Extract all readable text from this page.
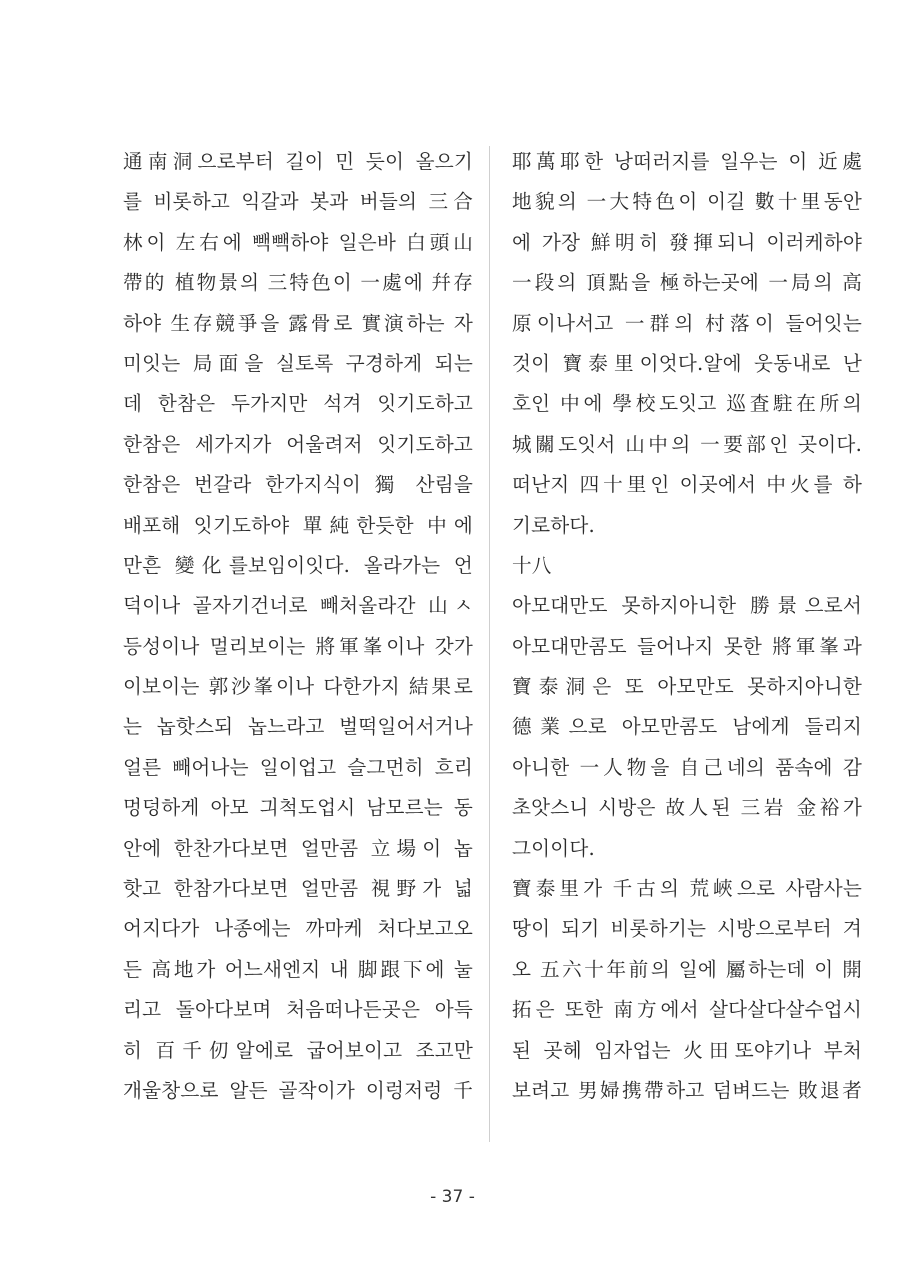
通南洞으로부터 길이 민 듯이 올으기
를 비롯하고 익갈과 봇과 버들의 三合
林이 左右에 빽빽하야 일은바 白頭山
帶的 植物景의 三特色이 一處에 幷存
하야 生存競爭을 露骨로 實演하는 자
미잇는 局面을 실토록 구경하게 되는
데 한참은 두가지만 석겨 잇기도하고
한참은 세가지가 어울려저 잇기도하고
한참은 번갈라 한가지식이 獨 산림을
배포해 잇기도하야 單純한듯한 中에
만흔 變化를보임이잇다. 올라가는 언
덕이나 골자기건너로 빼처올라간 山ㅅ
등성이나 멀리보이는 將軍峯이나 갓가
이보이는 郭沙峯이나 다한가지 結果로
는 놉핫스되 놉느라고 벌떡일어서거나
얼른 빼어나는 일이업고 슬그먼히 흐리
멍덩하게 아모 긔척도업시 남모르는 동
안에 한찬가다보면 얼만콤 立場이 놉
핫고 한참가다보면 얼만콤 視野가 넓
어지다가 나종에는 까마케 처다보고오
든 高地가 어느새엔지 내 脚跟下에 눌
리고 돌아다보며 처음떠나든곳은 아득
히 百千仞알에로 굽어보이고 조고만
개울창으로 알든 골작이가 이렁저렁 千
耶萬耶한 낭떠러지를 일우는 이 近處
地貌의 一大特色이 이길 數十里동안
에 가장 鮮明히 發揮되니 이러케하야
一段의 頂點을 極하는곳에 一局의 高
原이나서고 一群의 村落이 들어잇는
것이 寶泰里이엇다.알에 웃동내로 난
호인 中에 學校도잇고 巡査駐在所의
城關도잇서 山中의 一要部인 곳이다.
떠난지 四十里인 이곳에서 中火를 하
기로하다.
十八
아모대만도 못하지아니한 勝景으로서
아모대만콤도 들어나지 못한 將軍峯과
寶泰洞은 또 아모만도 못하지아니한
德業으로 아모만콤도 남에게 들리지
아니한 一人物을 自己네의 품속에 감
초앗스니 시방은 故人된 三岩 金裕가
그이이다.
寶泰里가 千古의 荒峽으로 사람사는
땅이 되기 비롯하기는 시방으로부터 겨
오 五六十年前의 일에 屬하는데 이 開
拓은 또한 南方에서 살다살다살수업시
된 곳헤 임자업는 火田또야기나 부처
보려고 男婦携帶하고 덤벼드는 敗退者
- 37 -
